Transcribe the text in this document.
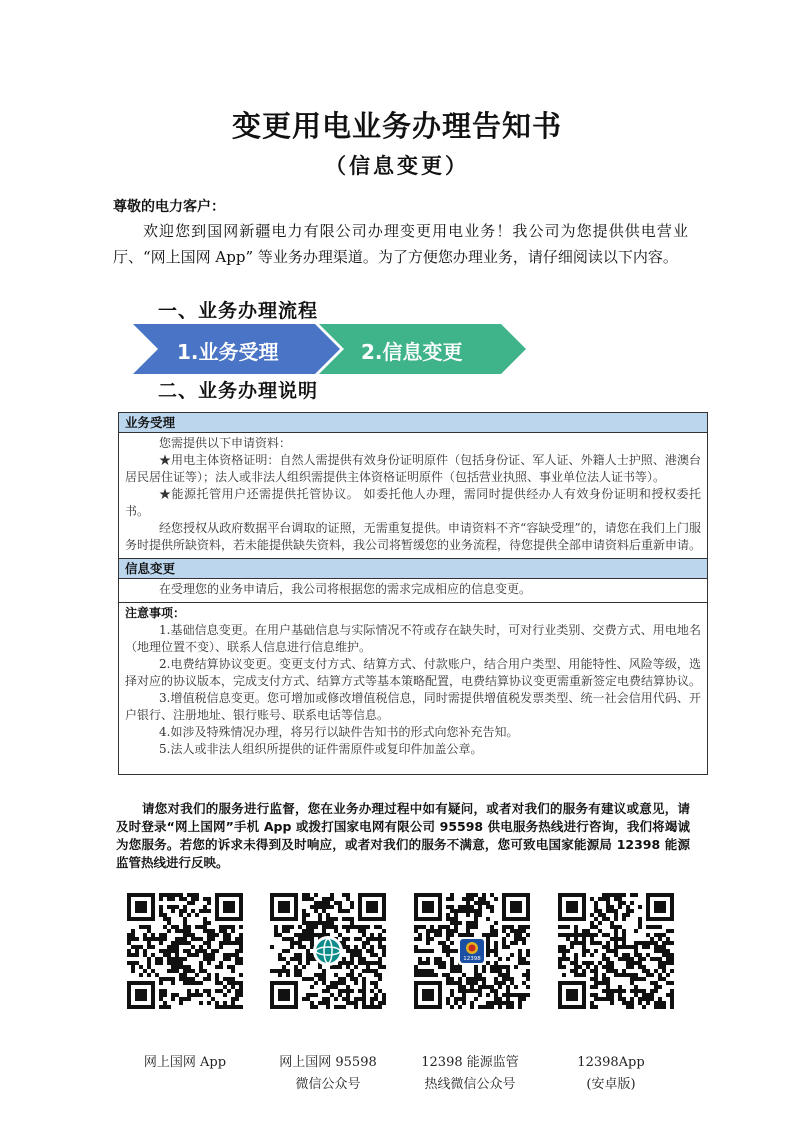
变更用电业务办理告知书
（信息变更）
尊敬的电力客户：
欢迎您到国网新疆电力有限公司办理变更用电业务！我公司为您提供供电营业厅、“网上国网 App” 等业务办理渠道。为了方便您办理业务，请仔细阅读以下内容。
一、业务办理流程
1.业务受理	2.信息变更
二、业务办理说明
业务受理

您需提供以下申请资料：

★用电主体资格证明：自然人需提供有效身份证明原件（包括身份证、军人证、外籍人士护照、港澳台居民居住证等）；法人或非法人组织需提供主体资格证明原件（包括营业执照、事业单位法人证书等）。

★能源托管用户还需提供托管协议。 如委托他人办理，需同时提供经办人有效身份证明和授权委托书。

经您授权从政府数据平台调取的证照，无需重复提供。申请资料不齐“容缺受理”的，请您在我们上门服务时提供所缺资料，若未能提供缺失资料，我公司将暂缓您的业务流程，待您提供全部申请资料后重新申请。

信息变更

在受理您的业务申请后，我公司将根据您的需求完成相应的信息变更。

注意事项：

1.基础信息变更。在用户基础信息与实际情况不符或存在缺失时，可对行业类别、交费方式、用电地名（地理位置不变）、联系人信息进行信息维护。

2.电费结算协议变更。变更支付方式、结算方式、付款账户，结合用户类型、用能特性、风险等级，选择对应的协议版本，完成支付方式、结算方式等基本策略配置，电费结算协议变更需重新签定电费结算协议。

3.增值税信息变更。您可增加或修改增值税信息，同时需提供增值税发票类型、统一社会信用代码、开户银行、注册地址、银行账号、联系电话等信息。

4.如涉及特殊情况办理，将另行以缺件告知书的形式向您补充告知。

5.法人或非法人组织所提供的证件需原件或复印件加盖公章。

请您对我们的服务进行监督，您在业务办理过程中如有疑问，或者对我们的服务有建议或意见，请及时登录“网上国网”手机 App 或拨打国家电网有限公司 95598 供电服务热线进行咨询，我们将竭诚为您服务。若您的诉求未得到及时响应，或者对我们的服务不满意，您可致电国家能源局 12398 能源监管热线进行反映。
12398
网上国网 App	网上国网 95598
微信公众号
12398 能源监管
热线微信公众号
12398App
(安卓版)
